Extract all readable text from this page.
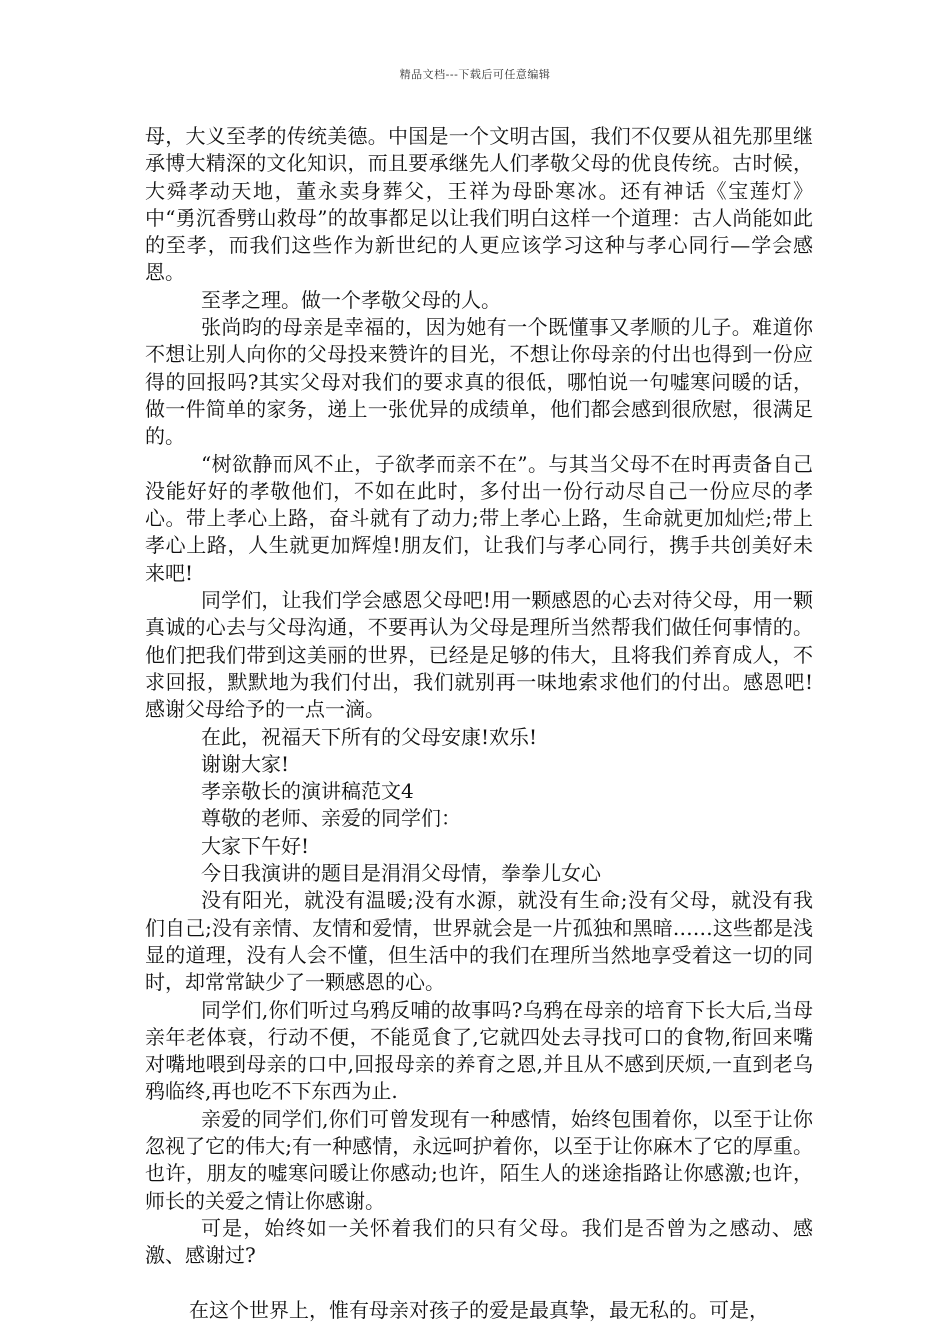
精品文档---下载后可任意编辑

母，大义至孝的传统美德。中国是一个文明古国，我们不仅要从祖先那里继承博大精深的文化知识，而且要承继先人们孝敬父母的优良传统。古时候，大舜孝动天地，董永卖身葬父，王祥为母卧寒冰。还有神话《宝莲灯》中“勇沉香劈山救母”的故事都足以让我们明白这样一个道理：古人尚能如此的至孝，而我们这些作为新世纪的人更应该学习这种与孝心同行—学会感恩。

至孝之理。做一个孝敬父母的人。

张尚昀的母亲是幸福的，因为她有一个既懂事又孝顺的儿子。难道你不想让别人向你的父母投来赞许的目光，不想让你母亲的付出也得到一份应得的回报吗?其实父母对我们的要求真的很低，哪怕说一句嘘寒问暖的话，做一件简单的家务，递上一张优异的成绩单，他们都会感到很欣慰，很满足的。

“树欲静而风不止，子欲孝而亲不在”。与其当父母不在时再责备自己没能好好的孝敬他们，不如在此时，多付出一份行动尽自己一份应尽的孝心。带上孝心上路，奋斗就有了动力;带上孝心上路，生命就更加灿烂;带上孝心上路，人生就更加辉煌!朋友们，让我们与孝心同行，携手共创美好未来吧!

同学们，让我们学会感恩父母吧!用一颗感恩的心去对待父母，用一颗真诚的心去与父母沟通，不要再认为父母是理所当然帮我们做任何事情的。他们把我们带到这美丽的世界，已经是足够的伟大，且将我们养育成人，不求回报，默默地为我们付出，我们就别再一味地索求他们的付出。感恩吧!感谢父母给予的一点一滴。

在此，祝福天下所有的父母安康!欢乐!

谢谢大家!

孝亲敬长的演讲稿范文4

尊敬的老师、亲爱的同学们：

大家下午好!

今日我演讲的题目是涓涓父母情，拳拳儿女心

没有阳光，就没有温暖;没有水源，就没有生命;没有父母，就没有我们自己;没有亲情、友情和爱情，世界就会是一片孤独和黑暗……这些都是浅显的道理，没有人会不懂，但生活中的我们在理所当然地享受着这一切的同时，却常常缺少了一颗感恩的心。

同学们,你们听过乌鸦反哺的故事吗?乌鸦在母亲的培育下长大后,当母亲年老体衰，行动不便，不能觅食了,它就四处去寻找可口的食物,衔回来嘴对嘴地喂到母亲的口中,回报母亲的养育之恩,并且从不感到厌烦,一直到老乌鸦临终,再也吃不下东西为止.

亲爱的同学们,你们可曾发现有一种感情，始终包围着你，以至于让你忽视了它的伟大;有一种感情，永远呵护着你，以至于让你麻木了它的厚重。也许，朋友的嘘寒问暖让你感动;也许，陌生人的迷途指路让你感激;也许，师长的关爱之情让你感谢。

可是，始终如一关怀着我们的只有父母。我们是否曾为之感动、感激、感谢过?

在这个世界上，惟有母亲对孩子的爱是最真挚，最无私的。可是，
